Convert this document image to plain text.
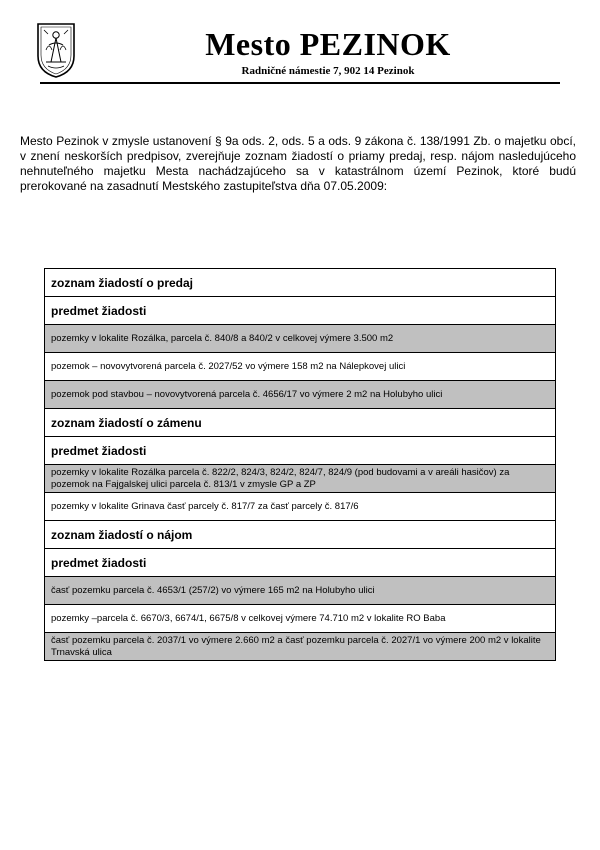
Mesto PEZINOK
Radničné námestie 7, 902 14 Pezinok
Mesto Pezinok v zmysle ustanovení § 9a ods. 2, ods. 5 a ods. 9 zákona č. 138/1991 Zb. o majetku obcí, v znení neskorších predpisov, zverejňuje zoznam žiadostí o priamy predaj, resp. nájom nasledujúceho nehnuteľného majetku Mesta nachádzajúceho sa v katastrálnom území Pezinok, ktoré budú prerokované na zasadnutí Mestského zastupiteľstva dňa 07.05.2009:
zoznam žiadostí o predaj
predmet žiadosti
pozemky v lokalite Rozálka, parcela č. 840/8 a 840/2 v celkovej výmere 3.500 m2
pozemok – novovytvorená parcela č. 2027/52 vo výmere 158 m2 na Nálepkovej ulici
pozemok pod stavbou – novovytvorená parcela č. 4656/17 vo výmere 2 m2 na Holubyho ulici
zoznam žiadostí o zámenu
predmet žiadosti
pozemky v lokalite Rozálka parcela č. 822/2, 824/3, 824/2, 824/7, 824/9 (pod budovami a v areáli hasičov) za pozemok na Fajgalskej ulici parcela č. 813/1 v zmysle GP a ZP
pozemky v lokalite Grinava časť parcely č. 817/7 za časť parcely č. 817/6
zoznam žiadostí o nájom
predmet žiadosti
časť pozemku parcela č. 4653/1 (257/2) vo výmere 165 m2 na Holubyho ulici
pozemky –parcela č. 6670/3, 6674/1, 6675/8 v celkovej výmere 74.710 m2 v lokalite RO Baba
časť pozemku parcela č. 2037/1 vo výmere 2.660 m2 a časť pozemku parcela č. 2027/1 vo výmere 200 m2 v lokalite Trnavská ulica
